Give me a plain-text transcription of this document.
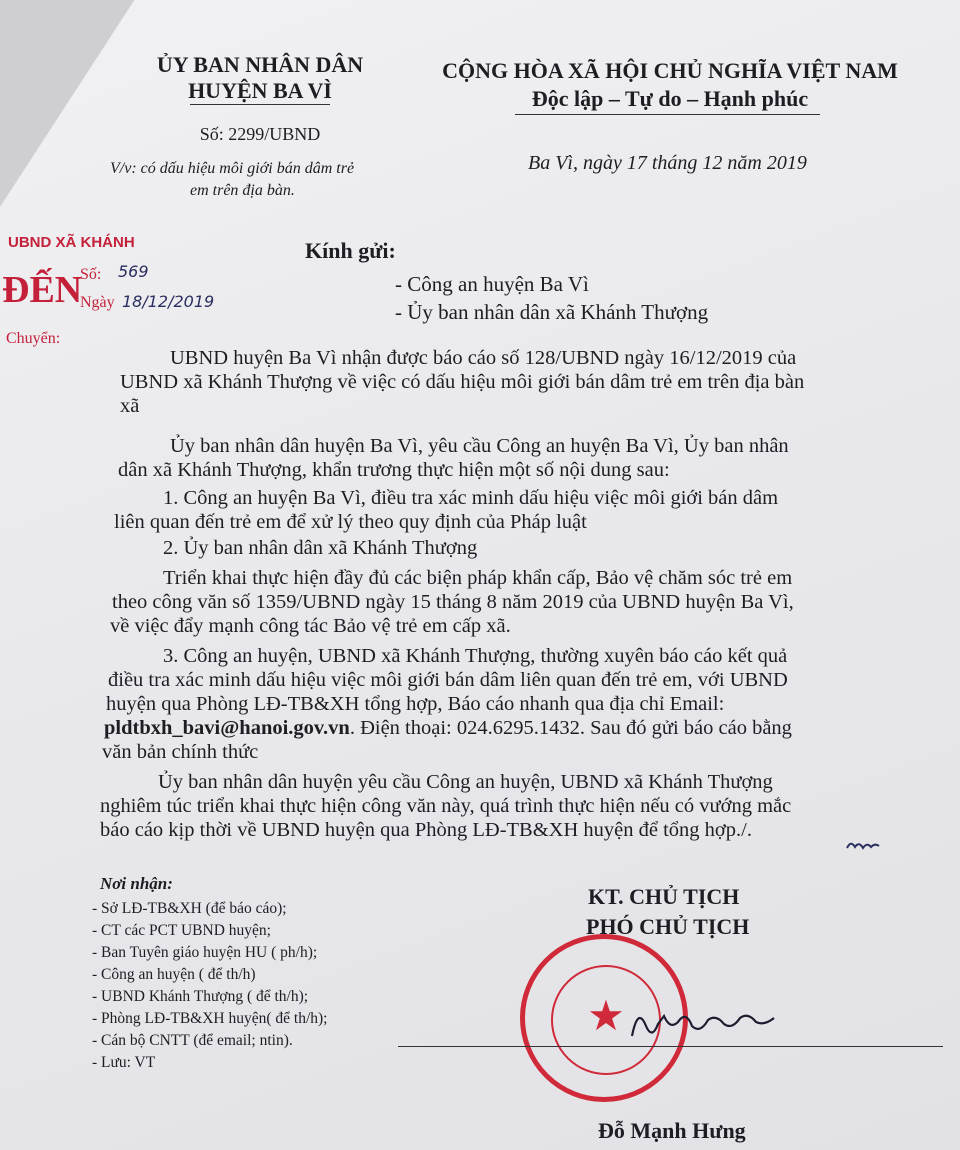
ỦY BAN NHÂN DÂN
HUYỆN BA VÌ
Số: 2299/UBND
V/v: có dấu hiệu môi giới bán dâm trẻ
em trên địa bàn.
CỘNG HÒA XÃ HỘI CHỦ NGHĨA VIỆT NAM
Độc lập – Tự do – Hạnh phúc
Ba Vì, ngày 17 tháng 12 năm 2019
UBND XÃ KHÁNH
ĐẾN
Số: 569
Ngày 18/12/2019
Chuyển:
Kính gửi:
- Công an huyện Ba Vì
- Ủy ban nhân dân xã Khánh Thượng
UBND huyện Ba Vì nhận được báo cáo số 128/UBND ngày 16/12/2019 của
UBND xã Khánh Thượng về việc có dấu hiệu môi giới bán dâm trẻ em trên địa bàn
xã
Ủy ban nhân dân huyện Ba Vì, yêu cầu Công an huyện Ba Vì, Ủy ban nhân
dân xã Khánh Thượng, khẩn trương thực hiện một số nội dung sau:
1. Công an huyện Ba Vì, điều tra xác minh dấu hiệu việc môi giới bán dâm
liên quan đến trẻ em để xử lý theo quy định của Pháp luật
2. Ủy ban nhân dân xã Khánh Thượng
Triển khai thực hiện đầy đủ các biện pháp khẩn cấp, Bảo vệ chăm sóc trẻ em
theo công văn số 1359/UBND ngày 15 tháng 8 năm 2019 của UBND huyện Ba Vì,
về việc đẩy mạnh công tác Bảo vệ trẻ em cấp xã.
3. Công an huyện, UBND xã Khánh Thượng, thường xuyên báo cáo kết quả
điều tra xác minh dấu hiệu việc môi giới bán dâm liên quan đến trẻ em, với UBND
huyện qua Phòng LĐ-TB&XH tổng hợp, Báo cáo nhanh qua địa chỉ Email:
pldtbxh_bavi@hanoi.gov.vn. Điện thoại: 024.6295.1432. Sau đó gửi báo cáo bằng
văn bản chính thức
Ủy ban nhân dân huyện yêu cầu Công an huyện, UBND xã Khánh Thượng
nghiêm túc triển khai thực hiện công văn này, quá trình thực hiện nếu có vướng mắc
báo cáo kịp thời về UBND huyện qua Phòng LĐ-TB&XH huyện để tổng hợp./.
Nơi nhận:
- Sở LĐ-TB&XH (để báo cáo);
- CT các PCT UBND huyện;
- Ban Tuyên giáo huyện HU ( ph/h);
- Công an huyện ( để th/h)
- UBND Khánh Thượng ( để th/h);
- Phòng LĐ-TB&XH huyện( để th/h);
- Cán bộ CNTT (để email; ntin).
- Lưu: VT
KT. CHỦ TỊCH
PHÓ CHỦ TỊCH
★
Đỗ Mạnh Hưng
